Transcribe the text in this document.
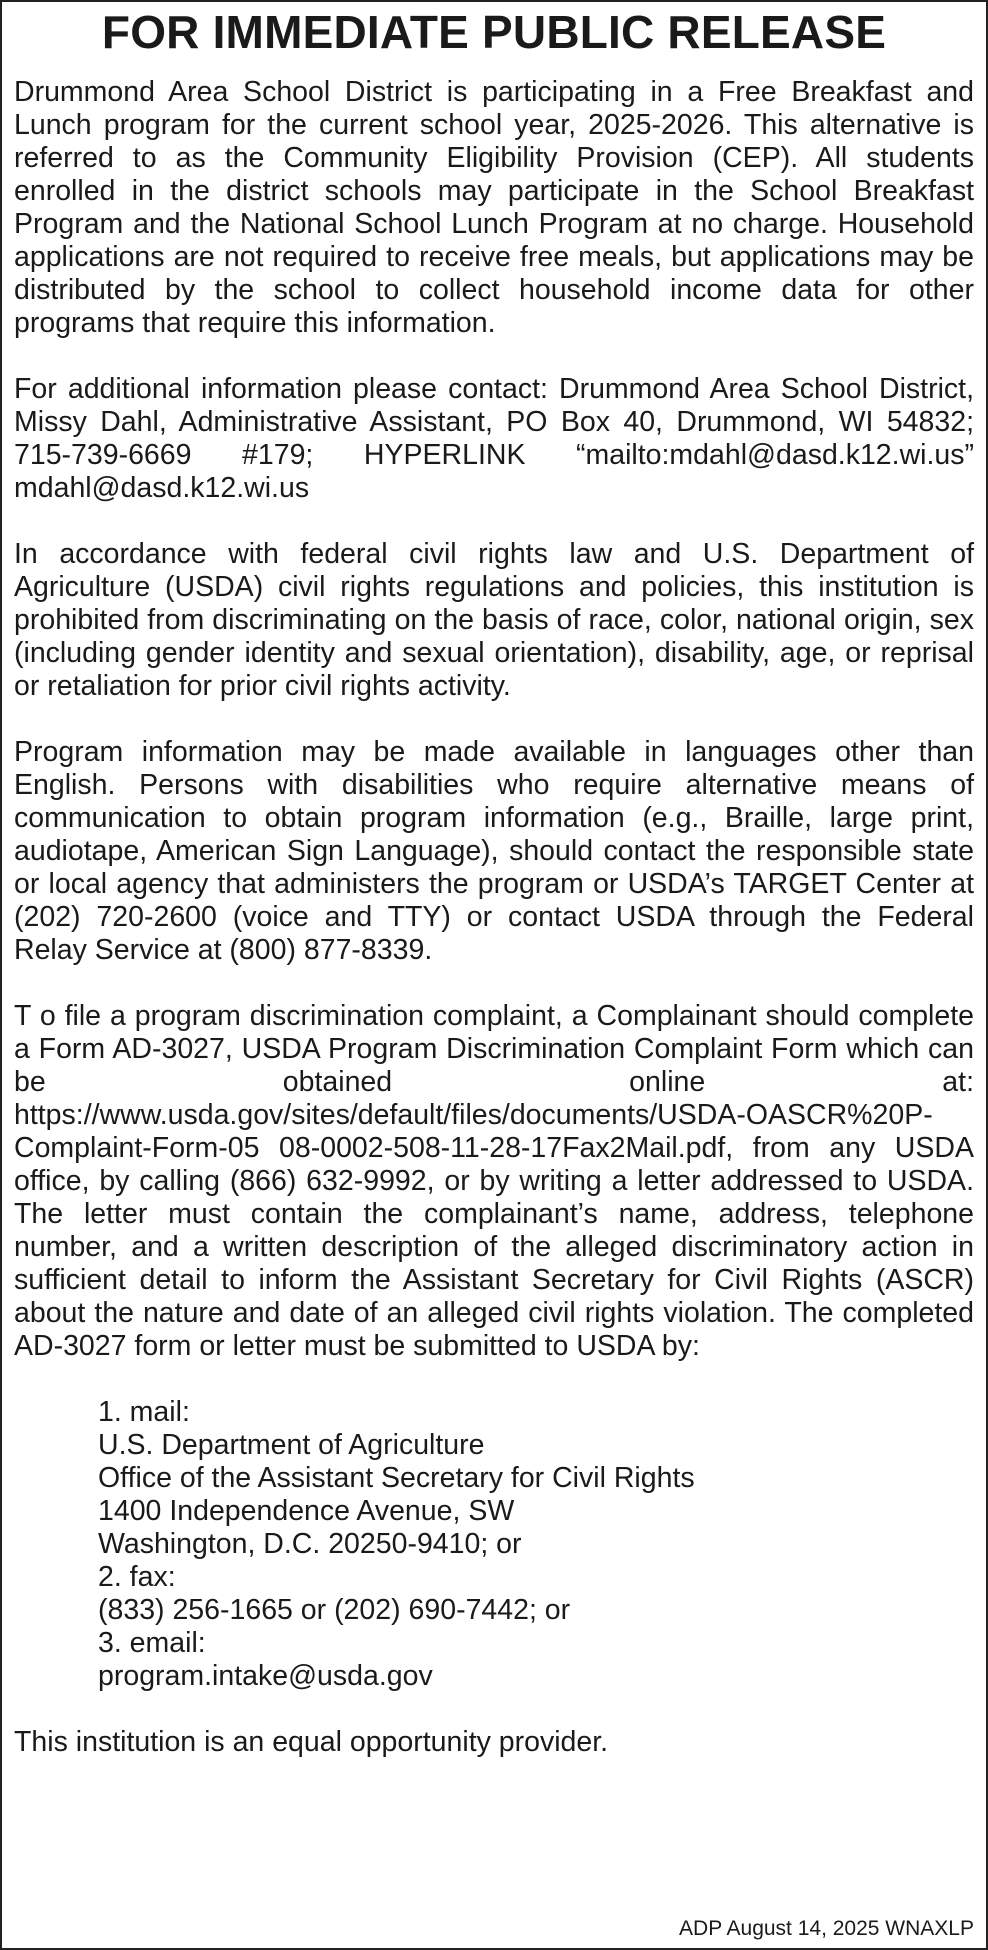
FOR IMMEDIATE PUBLIC RELEASE

Drummond Area School District is participating in a Free Breakfast and Lunch program for the current school year, 2025-2026. This alternative is referred to as the Community Eligibility Provision (CEP). All students enrolled in the district schools may participate in the School Breakfast Program and the National School Lunch Program at no charge. Household applications are not required to receive free meals, but applications may be distributed by the school to collect household income data for other programs that require this information.

For additional information please contact: Drummond Area School District, Missy Dahl, Administrative Assistant, PO Box 40, Drummond, WI 54832; 715-739-6669 #179; HYPERLINK “mailto:mdahl@dasd.k12.wi.us” mdahl@dasd.k12.wi.us

In accordance with federal civil rights law and U.S. Department of Agriculture (USDA) civil rights regulations and policies, this institution is prohibited from discriminating on the basis of race, color, national origin, sex (including gender identity and sexual orientation), disability, age, or reprisal or retaliation for prior civil rights activity.

Program information may be made available in languages other than English. Persons with disabilities who require alternative means of communication to obtain program information (e.g., Braille, large print, audiotape, American Sign Language), should contact the responsible state or local agency that administers the program or USDA’s TARGET Center at (202) 720-2600 (voice and TTY) or contact USDA through the Federal Relay Service at (800) 877-8339.

T o file a program discrimination complaint, a Complainant should complete a Form AD-3027, USDA Program Discrimination Complaint Form which can be obtained online at: https://www.usda.gov/sites/default/files/documents/USDA-OASCR%20P-Complaint-Form-05 08-0002-508-11-28-17Fax2Mail.pdf, from any USDA office, by calling (866) 632-9992, or by writing a letter addressed to USDA. The letter must contain the complainant’s name, address, telephone number, and a written description of the alleged discriminatory action in sufficient detail to inform the Assistant Secretary for Civil Rights (ASCR) about the nature and date of an alleged civil rights violation. The completed AD-3027 form or letter must be submitted to USDA by:

1. mail:
U.S. Department of Agriculture
Office of the Assistant Secretary for Civil Rights
1400 Independence Avenue, SW
Washington, D.C. 20250-9410; or
2. fax:
(833) 256-1665 or (202) 690-7442; or
3. email:
program.intake@usda.gov

This institution is an equal opportunity provider.

ADP August 14, 2025 WNAXLP
